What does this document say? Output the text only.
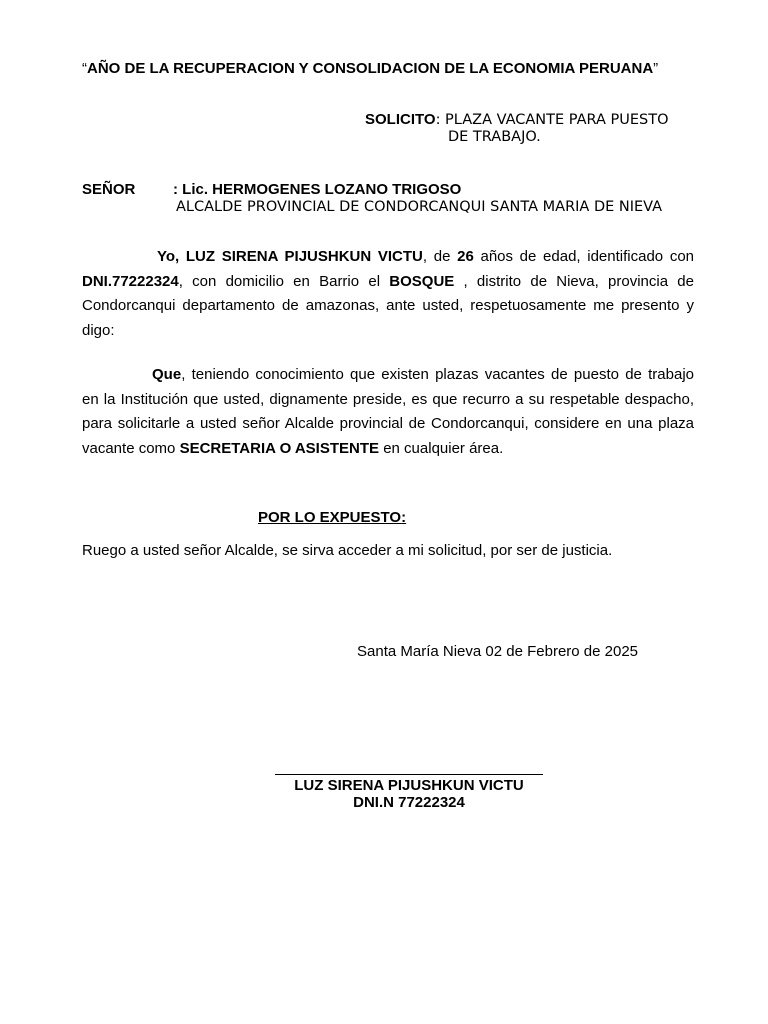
“AÑO DE LA RECUPERACION Y CONSOLIDACION DE LA ECONOMIA PERUANA”
SOLICITO: PLAZA VACANTE PARA PUESTO
DE TRABAJO.
SEÑOR	: Lic. HERMOGENES LOZANO TRIGOSO
ALCALDE PROVINCIAL DE CONDORCANQUI SANTA MARIA DE NIEVA
Yo, LUZ SIRENA PIJUSHKUN VICTU, de 26 años de edad, identificado con DNI.77222324, con domicilio en Barrio el BOSQUE , distrito de Nieva, provincia de Condorcanqui departamento de amazonas, ante usted, respetuosamente me presento y digo:
Que, teniendo conocimiento que existen plazas vacantes de puesto de trabajo en la Institución que usted, dignamente preside, es que recurro a su respetable despacho, para solicitarle a usted señor Alcalde provincial de Condorcanqui, considere en una plaza vacante como SECRETARIA O ASISTENTE en cualquier área.
POR LO EXPUESTO:
Ruego a usted señor Alcalde, se sirva acceder a mi solicitud, por ser de justicia.
Santa María Nieva 02 de Febrero de 2025
LUZ SIRENA PIJUSHKUN VICTU
DNI.N 77222324
